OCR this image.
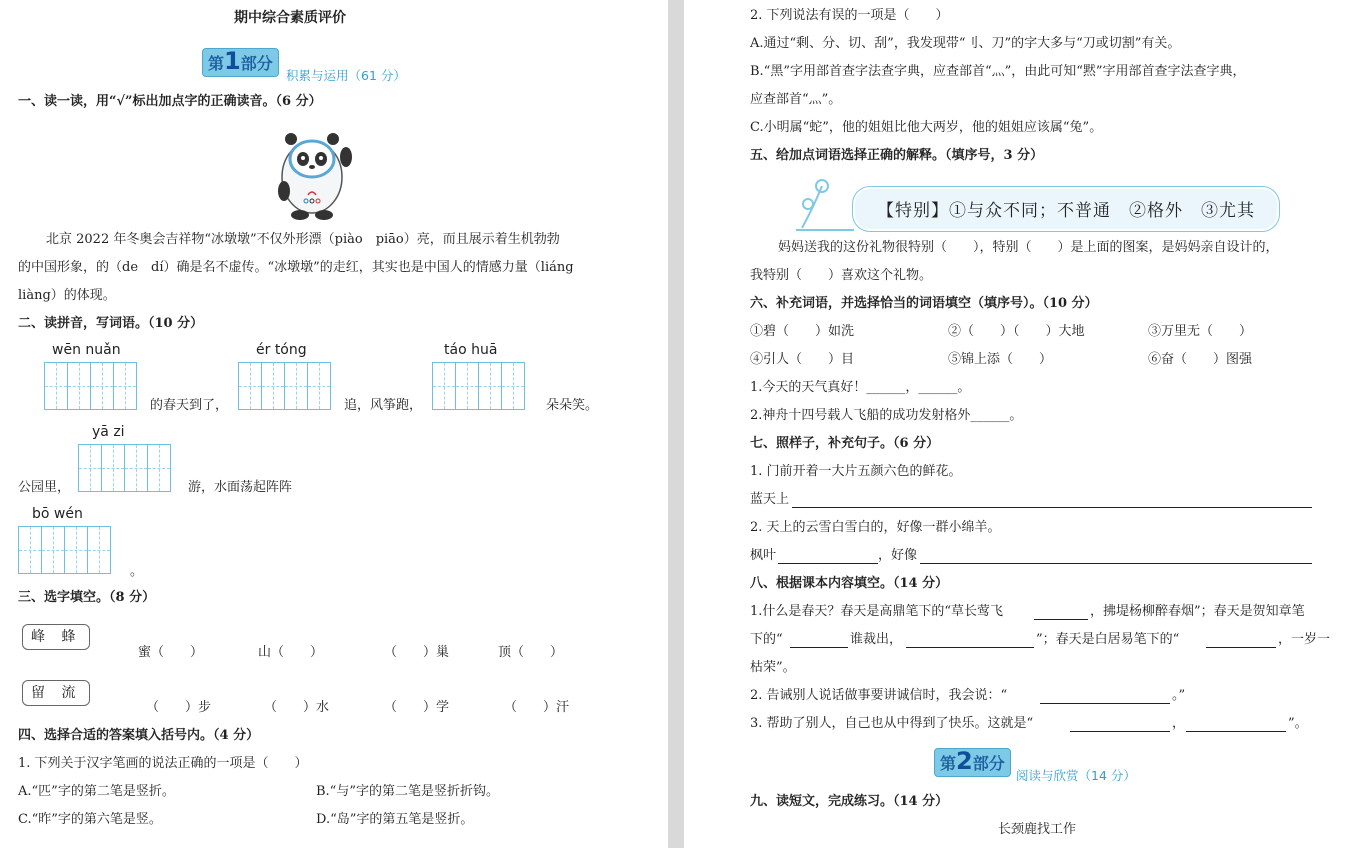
期中综合素质评价
第1部分
积累与运用（61 分）
一、读一读，用“√”标出加点字的正确读音。（6 分）
北京 2022 年冬奥会吉祥物“冰墩墩”不仅外形漂（piào　piāo）亮，而且展示着生机勃勃
的中国形象，的（de　dí）确是名不虚传。“冰墩墩”的走红，其实也是中国人的情感力量（liáng
liàng）的体现。
二、读拼音，写词语。（10 分）
wēn nuǎn
的春天到了，
ér tóng
追，风筝跑，
táo huā
朵朵笑。
yā zi
公园里，	游，水面荡起阵阵
bō wén
。
三、选字填空。（8 分）
峰 蜂
蜜（　　）	山（　　）	（　　）巢	顶（　　）
留 流
（　　）步	（　　）水	（　　）学	（　　）汗
四、选择合适的答案填入括号内。（4 分）
1. 下列关于汉字笔画的说法正确的一项是（　　）
A.“匹”字的第二笔是竖折。	B.“与”字的第二笔是竖折折钩。
C.“昨”字的第六笔是竖。	D.“岛”字的第五笔是竖折。
2. 下列说法有误的一项是（　　）
A.通过“剩、分、切、刮”，我发现带“刂、刀”的字大多与“刀或切割”有关。
B.“黑”字用部首查字法查字典，应查部首“灬”，由此可知“黙”字用部首查字法查字典，
应查部首“灬”。
C.小明属“蛇”，他的姐姐比他大两岁，他的姐姐应该属“兔”。
五、给加点词语选择正确的解释。（填序号，3 分）
【特别】①与众不同；不普通　②格外　③尤其
妈妈送我的这份礼物很特别（　　），特别（　　）是上面的图案，是妈妈亲自设计的，
我特别（　　）喜欢这个礼物。
六、补充词语，并选择恰当的词语填空（填序号）。（10 分）
①碧（　　）如洗	②（　　）（　　）大地	③万里无（　　）
④引人（　　）目	⑤锦上添（　　）	⑥奋（　　）图强
1.今天的天气真好！______，______。
2.神舟十四号载人飞船的成功发射格外______。
七、照样子，补充句子。（6 分）
1. 门前开着一大片五颜六色的鲜花。
蓝天上
2. 天上的云雪白雪白的，好像一群小绵羊。
枫叶	，好像
八、根据课本内容填空。（14 分）
1.什么是春天？春天是高鼎笔下的“草长莺飞	，拂堤杨柳醉春烟”；春天是贺知章笔
下的“	谁裁出，	”；春天是白居易笔下的“	，一岁一
枯荣”。
2. 告诫别人说话做事要讲诚信时，我会说：“	。”
3. 帮助了别人，自己也从中得到了快乐。这就是“	，	”。
第2部分
阅读与欣赏（14 分）
九、读短文，完成练习。（14 分）
长颈鹿找工作
